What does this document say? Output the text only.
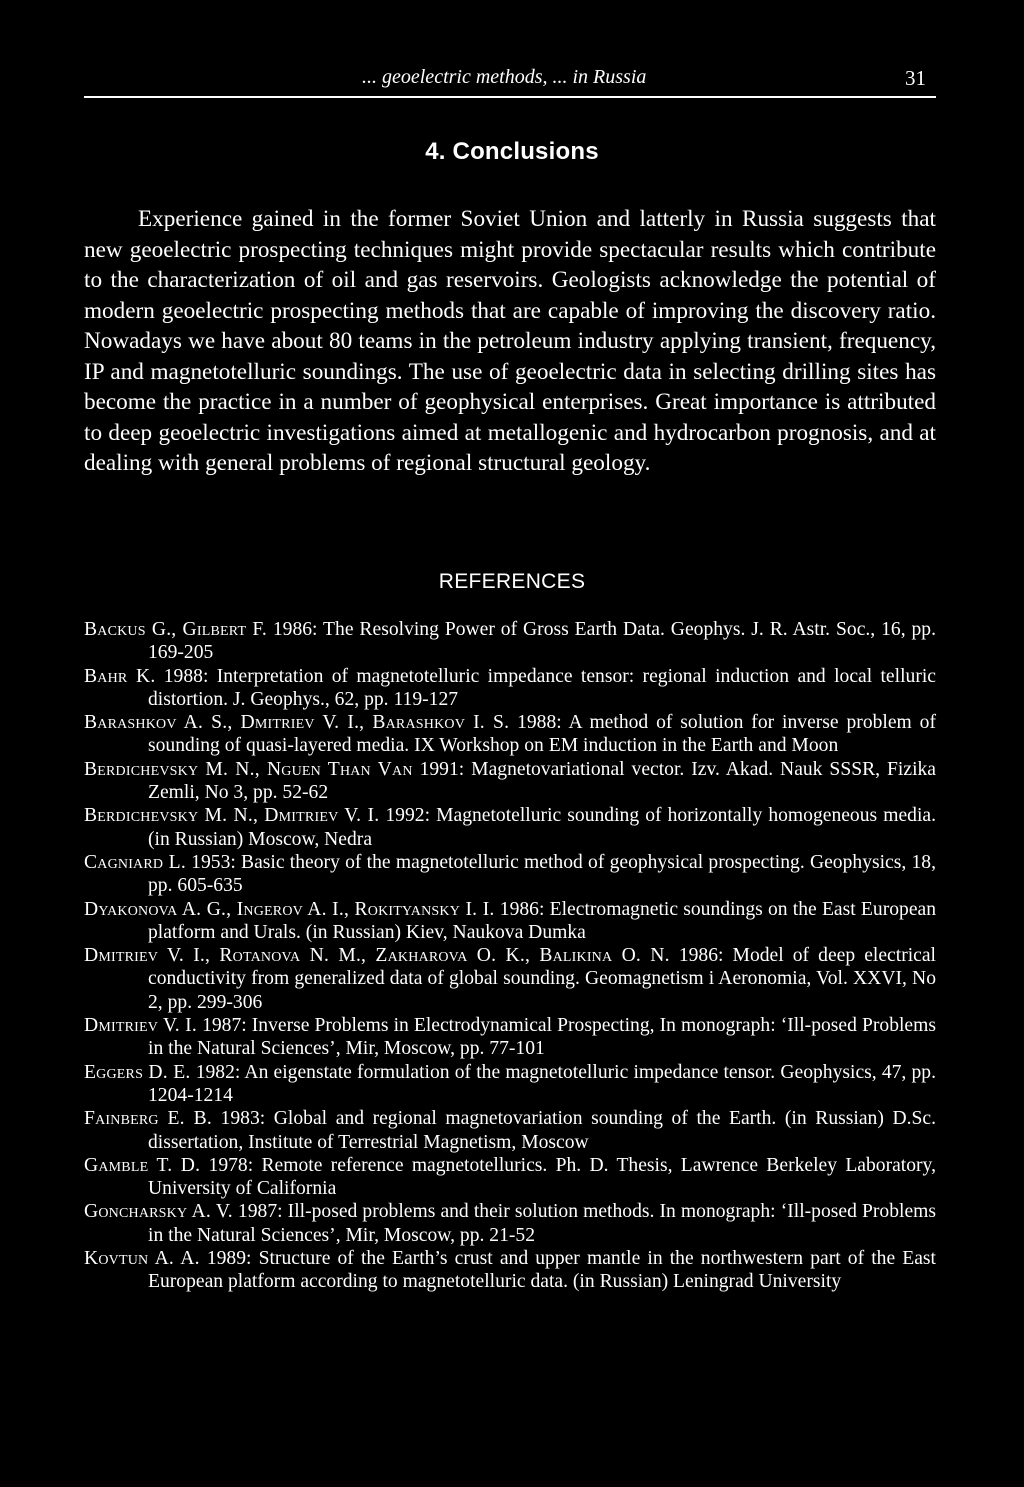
... geoelectric methods, ... in Russia	31
4. Conclusions

Experience gained in the former Soviet Union and latterly in Russia suggests that new geoelectric prospecting techniques might provide spectacular results which contribute to the characterization of oil and gas reservoirs. Geologists acknowledge the potential of modern geoelectric prospecting methods that are capable of improving the discovery ratio. Nowadays we have about 80 teams in the petroleum industry applying transient, frequency, IP and magnetotelluric soundings. The use of geoelectric data in selecting drilling sites has become the practice in a number of geophysical enterprises. Great importance is attributed to deep geoelectric investigations aimed at metallogenic and hydrocarbon prognosis, and at dealing with general problems of regional structural geology.

REFERENCES
Backus G., Gilbert F. 1986: The Resolving Power of Gross Earth Data. Geophys. J. R. Astr. Soc., 16, pp. 169-205
Bahr K. 1988: Interpretation of magnetotelluric impedance tensor: regional induction and local telluric distortion. J. Geophys., 62, pp. 119-127
Barashkov A. S., Dmitriev V. I., Barashkov I. S. 1988: A method of solution for inverse problem of sounding of quasi-layered media. IX Workshop on EM induction in the Earth and Moon
Berdichevsky M. N., Nguen Than Van 1991: Magnetovariational vector. Izv. Akad. Nauk SSSR, Fizika Zemli, No 3, pp. 52-62
Berdichevsky M. N., Dmitriev V. I. 1992: Magnetotelluric sounding of horizontally homogeneous media. (in Russian) Moscow, Nedra
Cagniard L. 1953: Basic theory of the magnetotelluric method of geophysical prospecting. Geophysics, 18, pp. 605-635
Dyakonova A. G., Ingerov A. I., Rokityansky I. I. 1986: Electromagnetic soundings on the East European platform and Urals. (in Russian) Kiev, Naukova Dumka
Dmitriev V. I., Rotanova N. M., Zakharova O. K., Balikina O. N. 1986: Model of deep electrical conductivity from generalized data of global sounding. Geomagnetism i Aeronomia, Vol. XXVI, No 2, pp. 299-306
Dmitriev V. I. 1987: Inverse Problems in Electrodynamical Prospecting, In monograph: ‘Ill-posed Problems in the Natural Sciences’, Mir, Moscow, pp. 77-101
Eggers D. E. 1982: An eigenstate formulation of the magnetotelluric impedance tensor. Geophysics, 47, pp. 1204-1214
Fainberg E. B. 1983: Global and regional magnetovariation sounding of the Earth. (in Russian) D.Sc. dissertation, Institute of Terrestrial Magnetism, Moscow
Gamble T. D. 1978: Remote reference magnetotellurics. Ph. D. Thesis, Lawrence Berkeley Laboratory, University of California
Goncharsky A. V. 1987: Ill-posed problems and their solution methods. In monograph: ‘Ill-posed Problems in the Natural Sciences’, Mir, Moscow, pp. 21-52
Kovtun A. A. 1989: Structure of the Earth’s crust and upper mantle in the northwestern part of the East European platform according to magnetotelluric data. (in Russian) Leningrad University
